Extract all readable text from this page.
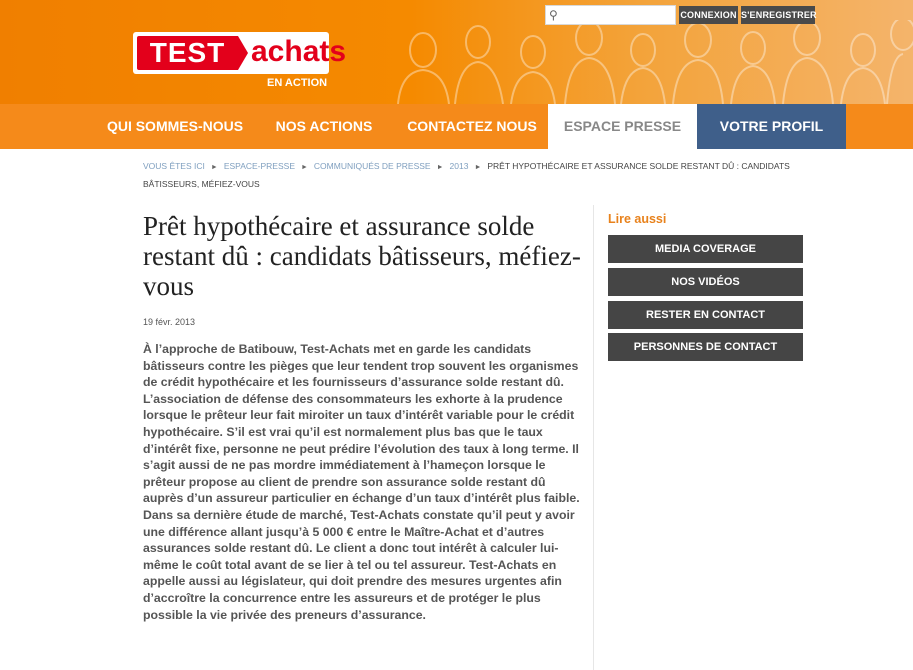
⚲	CONNEXION S'ENREGISTRER
TEST achats
EN ACTION
QUI SOMMES-NOUS	NOS ACTIONS	CONTACTEZ NOUS	ESPACE PRESSE	VOTRE PROFIL
VOUS ÊTES ICI ► ESPACE-PRESSE ► COMMUNIQUÉS DE PRESSE ► 2013 ► PRÊT HYPOTHÉCAIRE ET ASSURANCE SOLDE RESTANT DÛ : CANDIDATS BÂTISSEURS, MÉFIEZ-VOUS
Prêt hypothécaire et assurance solde restant dû : candidats bâtisseurs, méfiez-vous
19 févr. 2013

À l’approche de Batibouw, Test-Achats met en garde les candidats bâtisseurs contre les pièges que leur tendent trop souvent les organismes de crédit hypothécaire et les fournisseurs d’assurance solde restant dû. L’association de défense des consommateurs les exhorte à la prudence lorsque le prêteur leur fait miroiter un taux d’intérêt variable pour le crédit hypothécaire. S’il est vrai qu’il est normalement plus bas que le taux d’intérêt fixe, personne ne peut prédire l’évolution des taux à long terme. Il s’agit aussi de ne pas mordre immédiatement à l’hameçon lorsque le prêteur propose au client de prendre son assurance solde restant dû auprès d’un assureur particulier en échange d’un taux d’intérêt plus faible. Dans sa dernière étude de marché, Test-Achats constate qu’il peut y avoir une différence allant jusqu’à 5 000 € entre le Maître-Achat et d’autres assurances solde restant dû. Le client a donc tout intérêt à calculer lui-même le coût total avant de se lier à tel ou tel assureur. Test-Achats en appelle aussi au législateur, qui doit prendre des mesures urgentes afin d’accroître la concurrence entre les assureurs et de protéger le plus possible la vie privée des preneurs d’assurance.

Lire aussi
MEDIA COVERAGE
NOS VIDÉOS
RESTER EN CONTACT
PERSONNES DE CONTACT
